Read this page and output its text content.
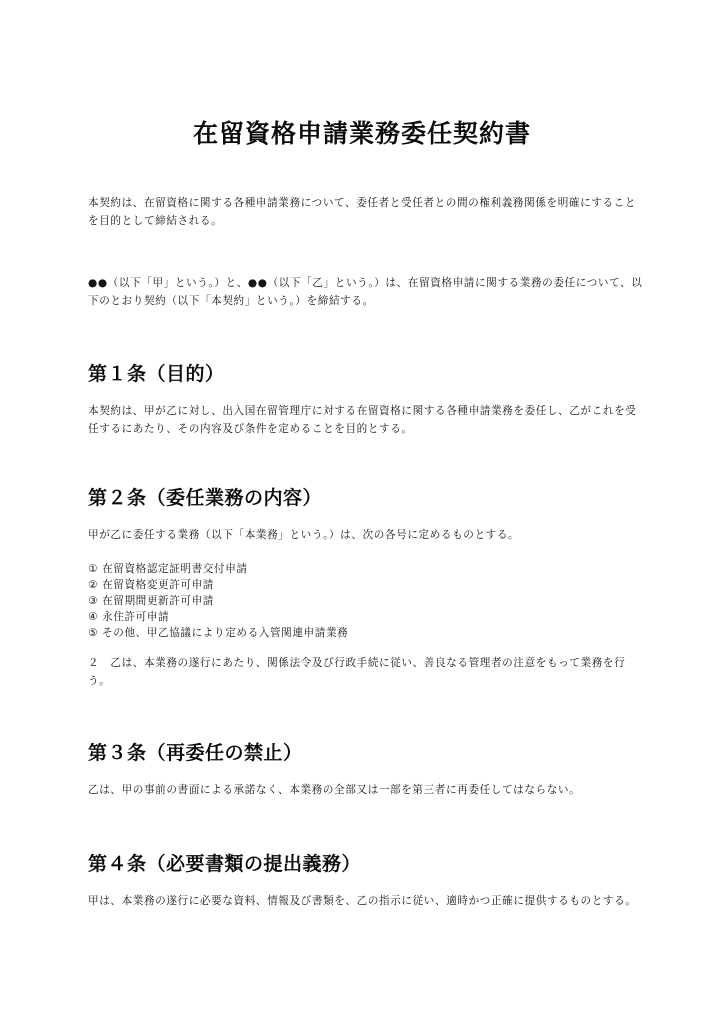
在留資格申請業務委任契約書
本契約は、在留資格に関する各種申請業務について、委任者と受任者との間の権利義務関係を明確にすることを目的として締結される。
●●（以下「甲」という。）と、●●（以下「乙」という。）は、在留資格申請に関する業務の委任について、以下のとおり契約（以下「本契約」という。）を締結する。
第１条（目的）
本契約は、甲が乙に対し、出入国在留管理庁に対する在留資格に関する各種申請業務を委任し、乙がこれを受任するにあたり、その内容及び条件を定めることを目的とする。
第２条（委任業務の内容）
甲が乙に委任する業務（以下「本業務」という。）は、次の各号に定めるものとする。
① 在留資格認定証明書交付申請
② 在留資格変更許可申請
③ 在留期間更新許可申請
④ 永住許可申請
⑤ その他、甲乙協議により定める入管関連申請業務
２　乙は、本業務の遂行にあたり、関係法令及び行政手続に従い、善良なる管理者の注意をもって業務を行う。
第３条（再委任の禁止）
乙は、甲の事前の書面による承諾なく、本業務の全部又は一部を第三者に再委任してはならない。
第４条（必要書類の提出義務）
甲は、本業務の遂行に必要な資料、情報及び書類を、乙の指示に従い、適時かつ正確に提供するものとする。
